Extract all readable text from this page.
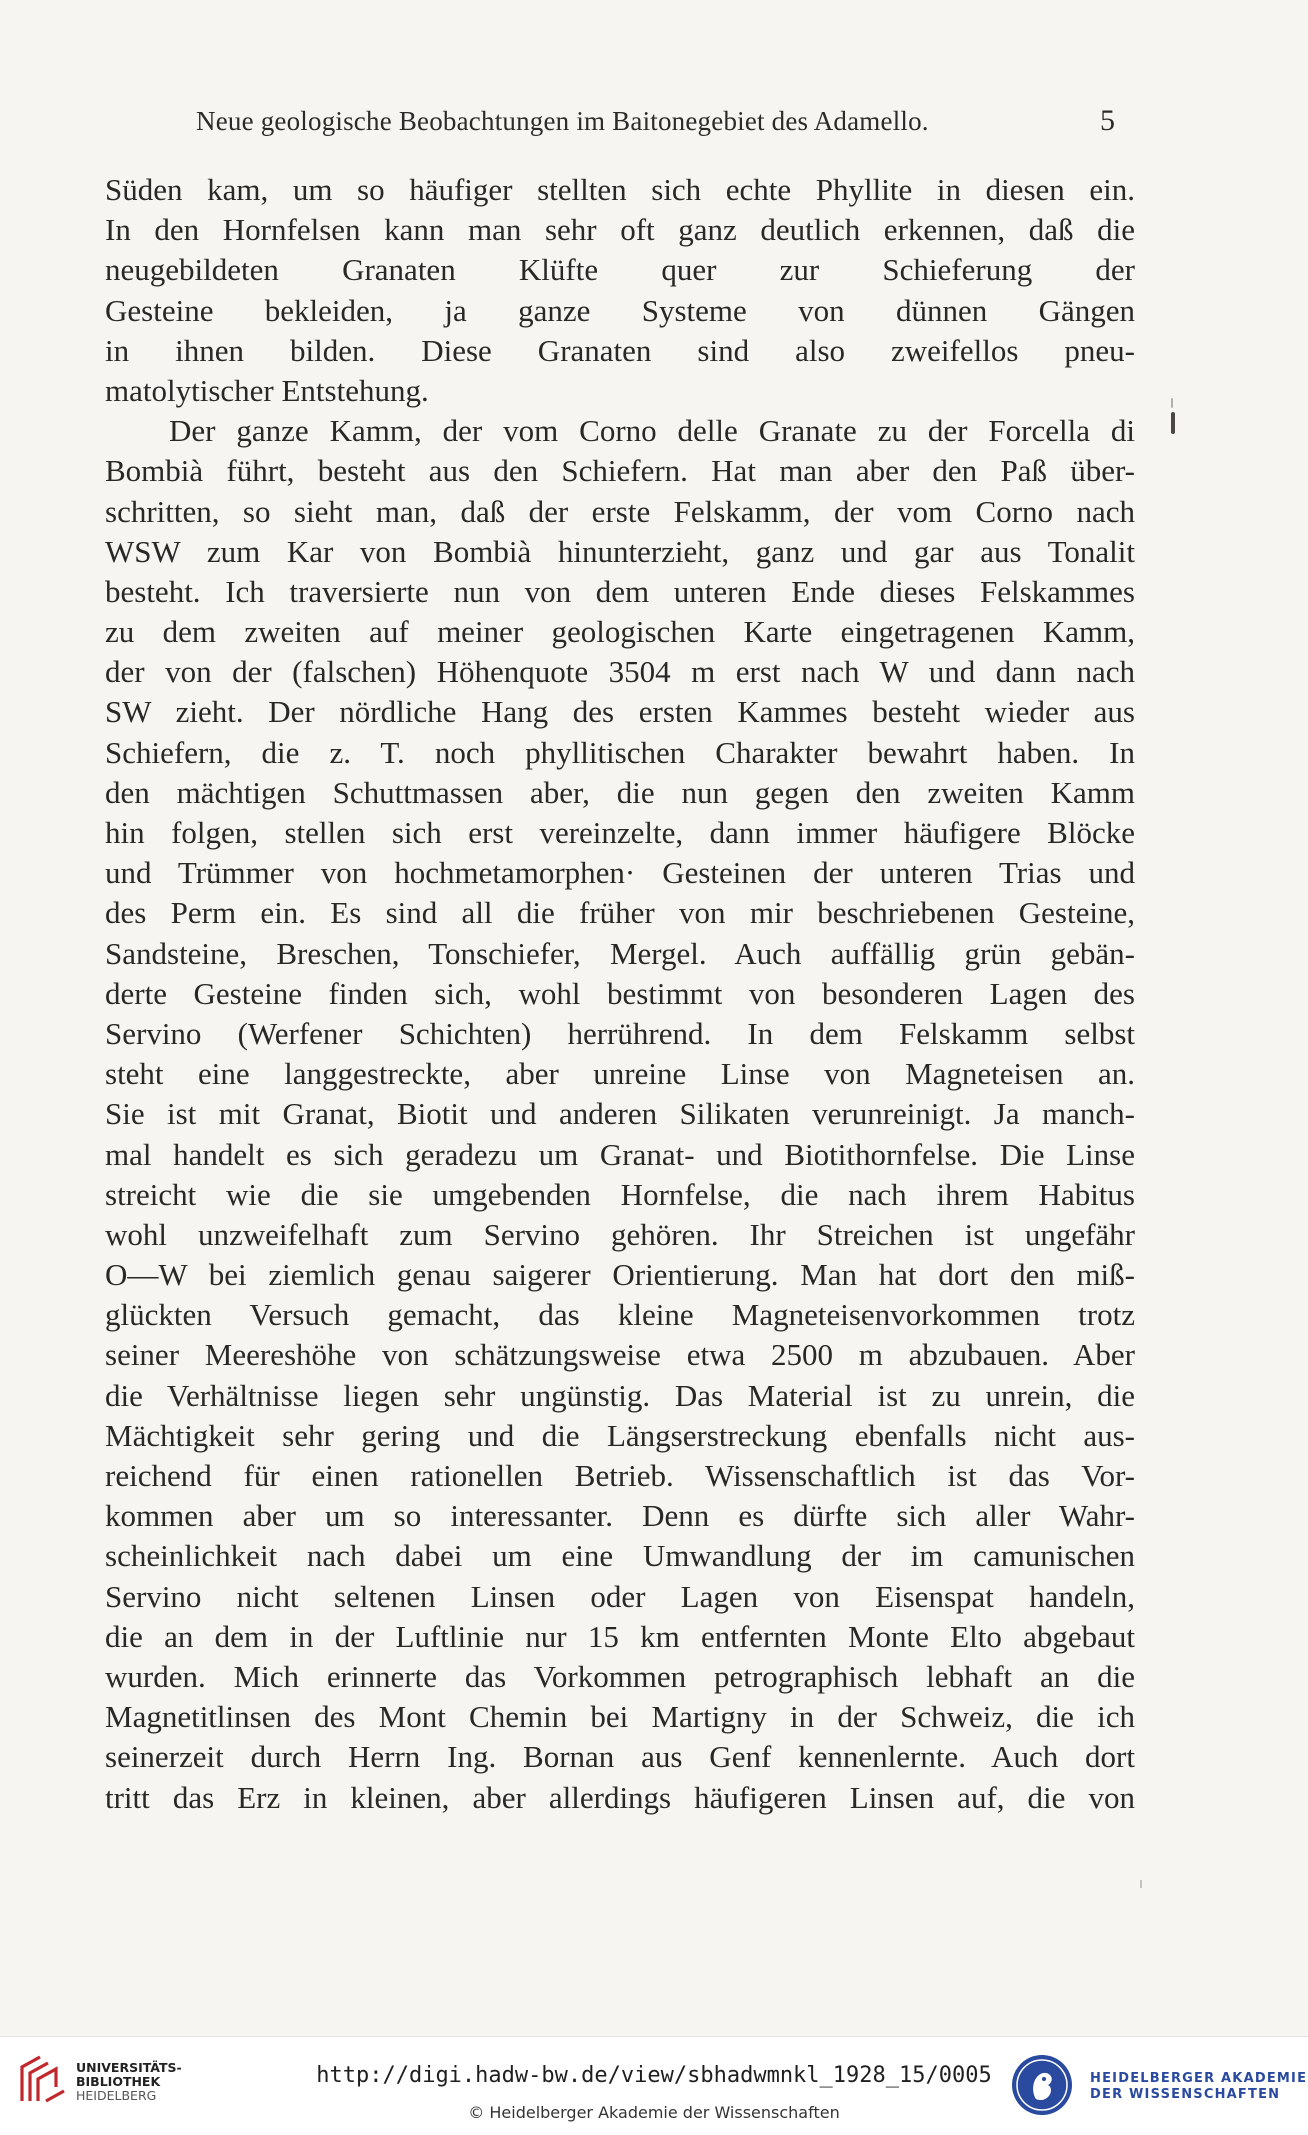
Neue geologische Beobachtungen im Baitonegebiet des Adamello.	5
Süden kam, um so häufiger stellten sich echte Phyllite in diesen ein.
In den Hornfelsen kann man sehr oft ganz deutlich erkennen, daß die
neugebildeten Granaten Klüfte quer zur Schieferung der
Gesteine bekleiden, ja ganze Systeme von dünnen Gängen
in ihnen bilden. Diese Granaten sind also zweifellos pneu-
matolytischer Entstehung.
Der ganze Kamm, der vom Corno delle Granate zu der Forcella di
Bombià führt, besteht aus den Schiefern. Hat man aber den Paß über-
schritten, so sieht man, daß der erste Felskamm, der vom Corno nach
WSW zum Kar von Bombià hinunterzieht, ganz und gar aus Tonalit
besteht. Ich traversierte nun von dem unteren Ende dieses Felskammes
zu dem zweiten auf meiner geologischen Karte eingetragenen Kamm,
der von der (falschen) Höhenquote 3504 m erst nach W und dann nach
SW zieht. Der nördliche Hang des ersten Kammes besteht wieder aus
Schiefern, die z. T. noch phyllitischen Charakter bewahrt haben. In
den mächtigen Schuttmassen aber, die nun gegen den zweiten Kamm
hin folgen, stellen sich erst vereinzelte, dann immer häufigere Blöcke
und Trümmer von hochmetamorphen· Gesteinen der unteren Trias und
des Perm ein. Es sind all die früher von mir beschriebenen Gesteine,
Sandsteine, Breschen, Tonschiefer, Mergel. Auch auffällig grün gebän-
derte Gesteine finden sich, wohl bestimmt von besonderen Lagen des
Servino (Werfener Schichten) herrührend. In dem Felskamm selbst
steht eine langgestreckte, aber unreine Linse von Magneteisen an.
Sie ist mit Granat, Biotit und anderen Silikaten verunreinigt. Ja manch-
mal handelt es sich geradezu um Granat- und Biotithornfelse. Die Linse
streicht wie die sie umgebenden Hornfelse, die nach ihrem Habitus
wohl unzweifelhaft zum Servino gehören. Ihr Streichen ist ungefähr
O—W bei ziemlich genau saigerer Orientierung. Man hat dort den miß-
glückten Versuch gemacht, das kleine Magneteisenvorkommen trotz
seiner Meereshöhe von schätzungsweise etwa 2500 m abzubauen. Aber
die Verhältnisse liegen sehr ungünstig. Das Material ist zu unrein, die
Mächtigkeit sehr gering und die Längserstreckung ebenfalls nicht aus-
reichend für einen rationellen Betrieb. Wissenschaftlich ist das Vor-
kommen aber um so interessanter. Denn es dürfte sich aller Wahr-
scheinlichkeit nach dabei um eine Umwandlung der im camunischen
Servino nicht seltenen Linsen oder Lagen von Eisenspat handeln,
die an dem in der Luftlinie nur 15 km entfernten Monte Elto abgebaut
wurden. Mich erinnerte das Vorkommen petrographisch lebhaft an die
Magnetitlinsen des Mont Chemin bei Martigny in der Schweiz, die ich
seinerzeit durch Herrn Ing. Bornan aus Genf kennenlernte. Auch dort
tritt das Erz in kleinen, aber allerdings häufigeren Linsen auf, die von
UNIVERSITÄTS-
BIBLIOTHEK
HEIDELBERG
http://digi.hadw-bw.de/view/sbhadwmnkl_1928_15/0005
© Heidelberger Akademie der Wissenschaften
HEIDELBERGER AKADEMIE
DER WISSENSCHAFTEN
